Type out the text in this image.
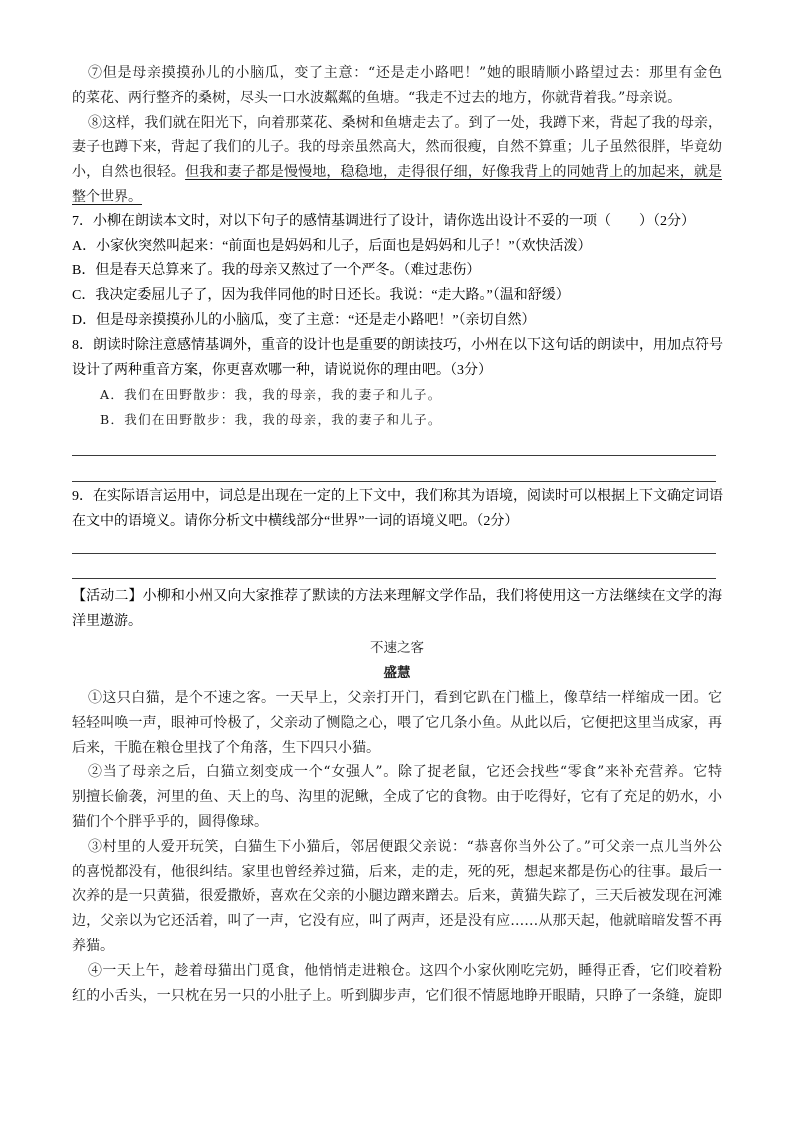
⑦但是母亲摸摸孙儿的小脑瓜，变了主意：“还是走小路吧！”她的眼睛顺小路望过去：那里有金色
的菜花、两行整齐的桑树，尽头一口水波粼粼的鱼塘。“我走不过去的地方，你就背着我。”母亲说。
⑧这样，我们就在阳光下，向着那菜花、桑树和鱼塘走去了。到了一处，我蹲下来，背起了我的母亲，
妻子也蹲下来，背起了我们的儿子。我的母亲虽然高大，然而很瘦，自然不算重；儿子虽然很胖，毕竟幼
小，自然也很轻。但我和妻子都是慢慢地，稳稳地，走得很仔细，好像我背上的同她背上的加起来，就是
整个世界。
7．小柳在朗读本文时，对以下句子的感情基调进行了设计，请你选出设计不妥的一项（　　）（2分）
A．小家伙突然叫起来：“前面也是妈妈和儿子，后面也是妈妈和儿子！”（欢快活泼）
B．但是春天总算来了。我的母亲又熬过了一个严冬。（难过悲伤）
C．我决定委屈儿子了，因为我伴同他的时日还长。我说：“走大路。”（温和舒缓）
D．但是母亲摸摸孙儿的小脑瓜，变了主意：“还是走小路吧！”（亲切自然）
8．朗读时除注意感情基调外，重音的设计也是重要的朗读技巧，小州在以下这句话的朗读中，用加点符号
设计了两种重音方案，你更喜欢哪一种，请说说你的理由吧。（3分）
A．我们在田野散步：我，我的母亲，我的妻子和儿子。
B．我们在田野散步：我，我的母亲，我的妻子和儿子。
9．在实际语言运用中，词总是出现在一定的上下文中，我们称其为语境，阅读时可以根据上下文确定词语
在文中的语境义。请你分析文中横线部分“世界”一词的语境义吧。（2分）
【活动二】小柳和小州又向大家推荐了默读的方法来理解文学作品，我们将使用这一方法继续在文学的海
洋里遨游。
不速之客
盛慧
①这只白猫，是个不速之客。一天早上，父亲打开门，看到它趴在门槛上，像草结一样缩成一团。它
轻轻叫唤一声，眼神可怜极了，父亲动了恻隐之心，喂了它几条小鱼。从此以后，它便把这里当成家，再
后来，干脆在粮仓里找了个角落，生下四只小猫。
②当了母亲之后，白猫立刻变成一个“女强人”。除了捉老鼠，它还会找些“零食”来补充营养。它特
别擅长偷袭，河里的鱼、天上的鸟、沟里的泥鳅，全成了它的食物。由于吃得好，它有了充足的奶水，小
猫们个个胖乎乎的，圆得像球。
③村里的人爱开玩笑，白猫生下小猫后，邻居便跟父亲说：“恭喜你当外公了。”可父亲一点儿当外公
的喜悦都没有，他很纠结。家里也曾经养过猫，后来，走的走，死的死，想起来都是伤心的往事。最后一
次养的是一只黄猫，很爱撒娇，喜欢在父亲的小腿边蹭来蹭去。后来，黄猫失踪了，三天后被发现在河滩
边，父亲以为它还活着，叫了一声，它没有应，叫了两声，还是没有应……从那天起，他就暗暗发誓不再
养猫。
④一天上午，趁着母猫出门觅食，他悄悄走进粮仓。这四个小家伙刚吃完奶，睡得正香，它们咬着粉
红的小舌头，一只枕在另一只的小肚子上。听到脚步声，它们很不情愿地睁开眼睛，只睁了一条缝，旋即
